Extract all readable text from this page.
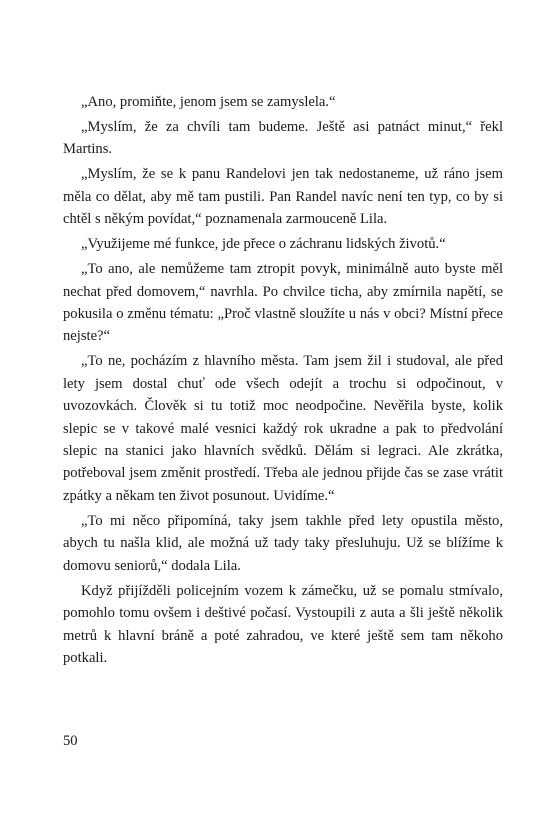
„Ano, promiňte, jenom jsem se zamyslela.“

„Myslím, že za chvíli tam budeme. Ještě asi patnáct minut,“ řekl Martins.

„Myslím, že se k panu Randelovi jen tak nedostaneme, už ráno jsem měla co dělat, aby mě tam pustili. Pan Randel navíc není ten typ, co by si chtěl s někým povídat,“ poznamenala zarmouceně Lila.

„Využijeme mé funkce, jde přece o záchranu lidských životů.“

„To ano, ale nemůžeme tam ztropit povyk, minimálně auto byste měl nechat před domovem,“ navrhla. Po chvilce ticha, aby zmírnila napětí, se pokusila o změnu tématu: „Proč vlastně sloužíte u nás v obci? Místní přece nejste?“

„To ne, pocházím z hlavního města. Tam jsem žil i studoval, ale před lety jsem dostal chuť ode všech odejít a trochu si odpočinout, v uvozovkách. Člověk si tu totiž moc neodpočine. Nevěřila byste, kolik slepic se v takové malé vesnici každý rok ukradne a pak to předvolání slepic na stanici jako hlavních svědků. Dělám si legraci. Ale zkrátka, potřeboval jsem změnit prostředí. Třeba ale jednou přijde čas se zase vrátit zpátky a někam ten život posunout. Uvidíme.“

„To mi něco připomíná, taky jsem takhle před lety opustila město, abych tu našla klid, ale možná už tady taky přesluhuju. Už se blížíme k domovu seniorů,“ dodala Lila.

Když přijížděli policejním vozem k zámečku, už se pomalu stmívalo, pomohlo tomu ovšem i deštivé počasí. Vystoupili z auta a šli ještě několik metrů k hlavní bráně a poté zahradou, ve které ještě sem tam někoho potkali.

50
